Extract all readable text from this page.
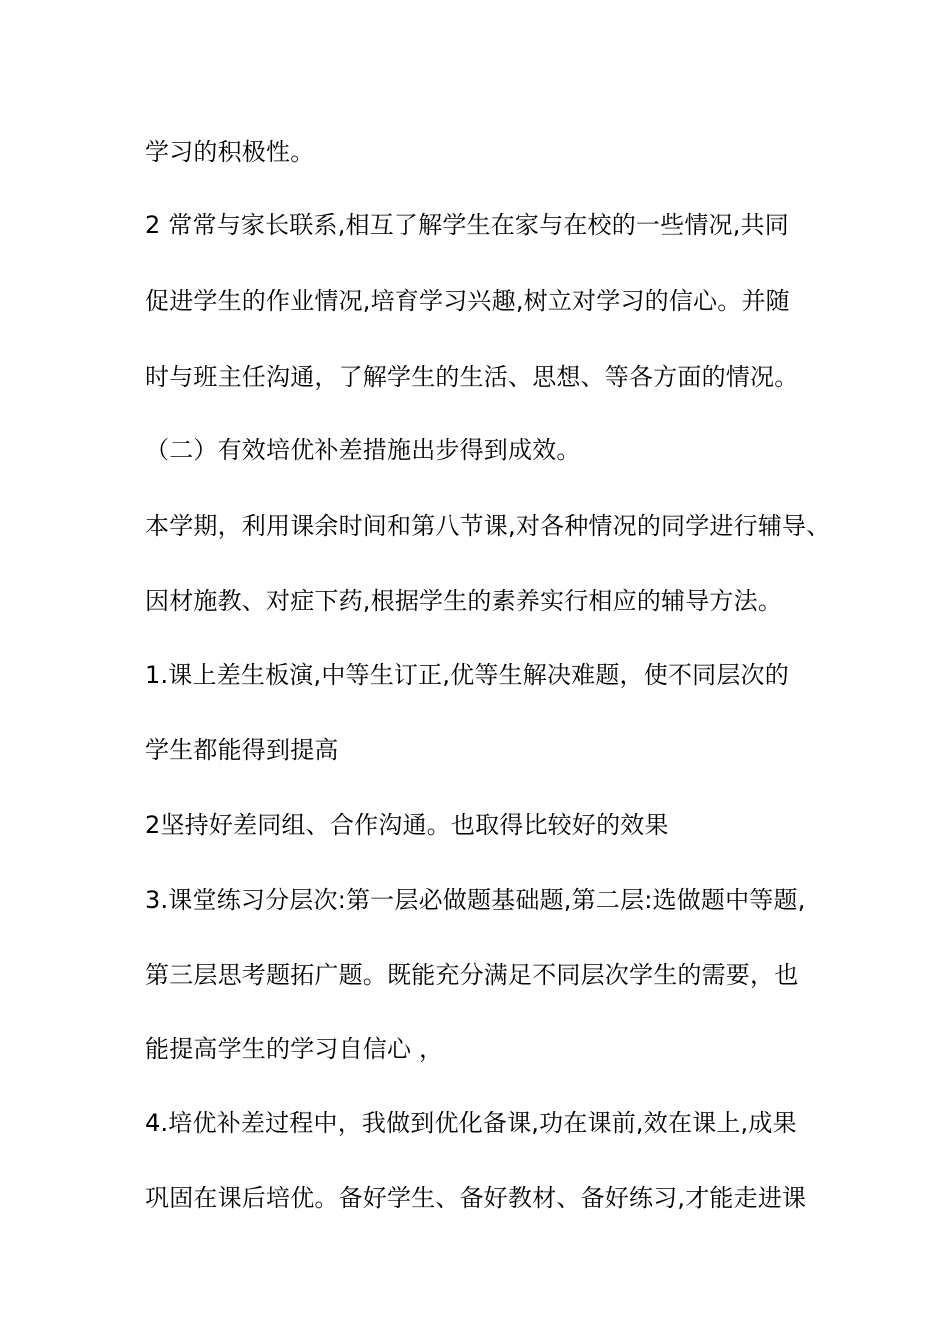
学习的积极性。
2 常常与家长联系,相互了解学生在家与在校的一些情况,共同
促进学生的作业情况,培育学习兴趣,树立对学习的信心。并随
时与班主任沟通，了解学生的生活、思想、等各方面的情况。
（二）有效培优补差措施出步得到成效。
本学期，利用课余时间和第八节课,对各种情况的同学进行辅导、
因材施教、对症下药,根据学生的素养实行相应的辅导方法。
1.课上差生板演,中等生订正,优等生解决难题，使不同层次的
学生都能得到提高
2坚持好差同组、合作沟通。也取得比较好的效果
3.课堂练习分层次:第一层必做题基础题,第二层:选做题中等题,
第三层思考题拓广题。既能充分满足不同层次学生的需要，也
能提高学生的学习自信心 ，
4.培优补差过程中，我做到优化备课,功在课前,效在课上,成果
巩固在课后培优。备好学生、备好教材、备好练习,才能走进课
